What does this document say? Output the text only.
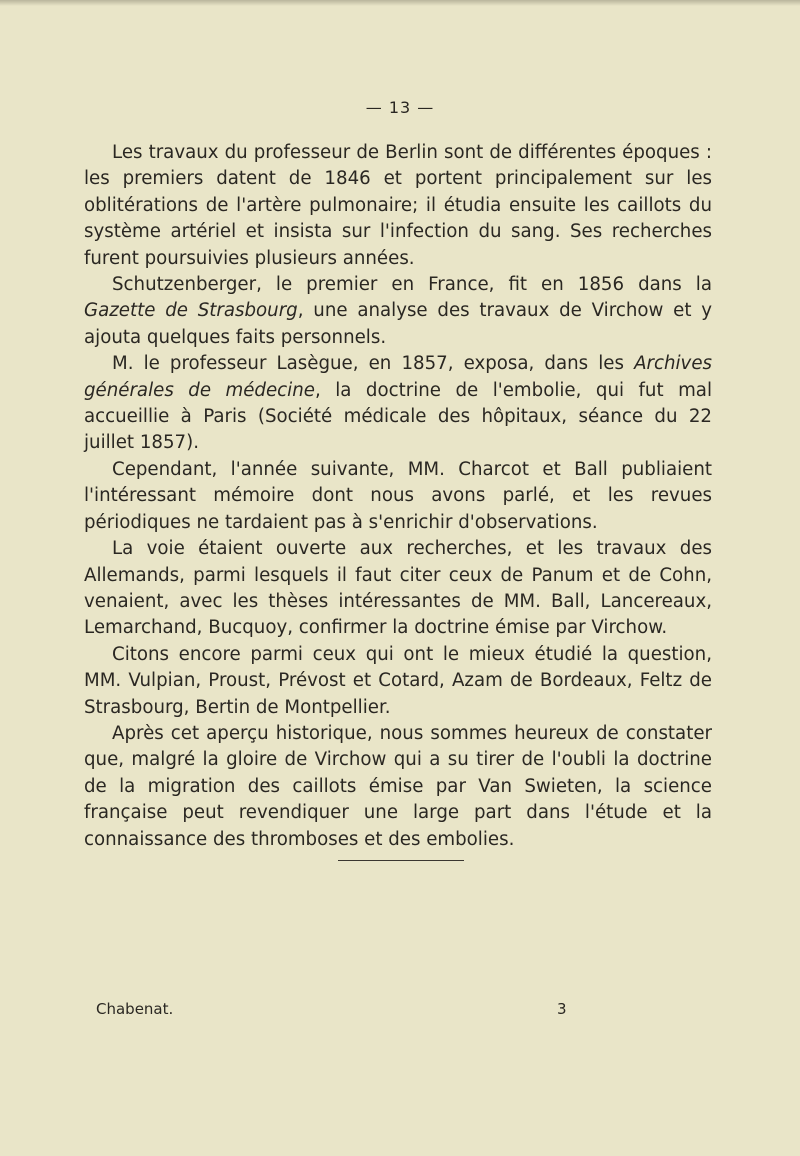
— 13 —

Les travaux du professeur de Berlin sont de différentes époques : les premiers datent de 1846 et portent principalement sur les oblitérations de l'artère pulmonaire; il étudia ensuite les caillots du système artériel et insista sur l'infection du sang. Ses recherches furent poursuivies plusieurs années.

Schutzenberger, le premier en France, fit en 1856 dans la Gazette de Strasbourg, une analyse des travaux de Virchow et y ajouta quelques faits personnels.

M. le professeur Lasègue, en 1857, exposa, dans les Archives générales de médecine, la doctrine de l'embolie, qui fut mal accueillie à Paris (Société médicale des hôpitaux, séance du 22 juillet 1857).

Cependant, l'année suivante, MM. Charcot et Ball publiaient l'intéressant mémoire dont nous avons parlé, et les revues périodiques ne tardaient pas à s'enrichir d'observations.

La voie étaient ouverte aux recherches, et les travaux des Allemands, parmi lesquels il faut citer ceux de Panum et de Cohn, venaient, avec les thèses intéressantes de MM. Ball, Lancereaux, Lemarchand, Bucquoy, confirmer la doctrine émise par Virchow.

Citons encore parmi ceux qui ont le mieux étudié la question, MM. Vulpian, Proust, Prévost et Cotard, Azam de Bordeaux, Feltz de Strasbourg, Bertin de Montpellier.

Après cet aperçu historique, nous sommes heureux de constater que, malgré la gloire de Virchow qui a su tirer de l'oubli la doctrine de la migration des caillots émise par Van Swieten, la science française peut revendiquer une large part dans l'étude et la connaissance des thromboses et des embolies.

Chabenat.	3
